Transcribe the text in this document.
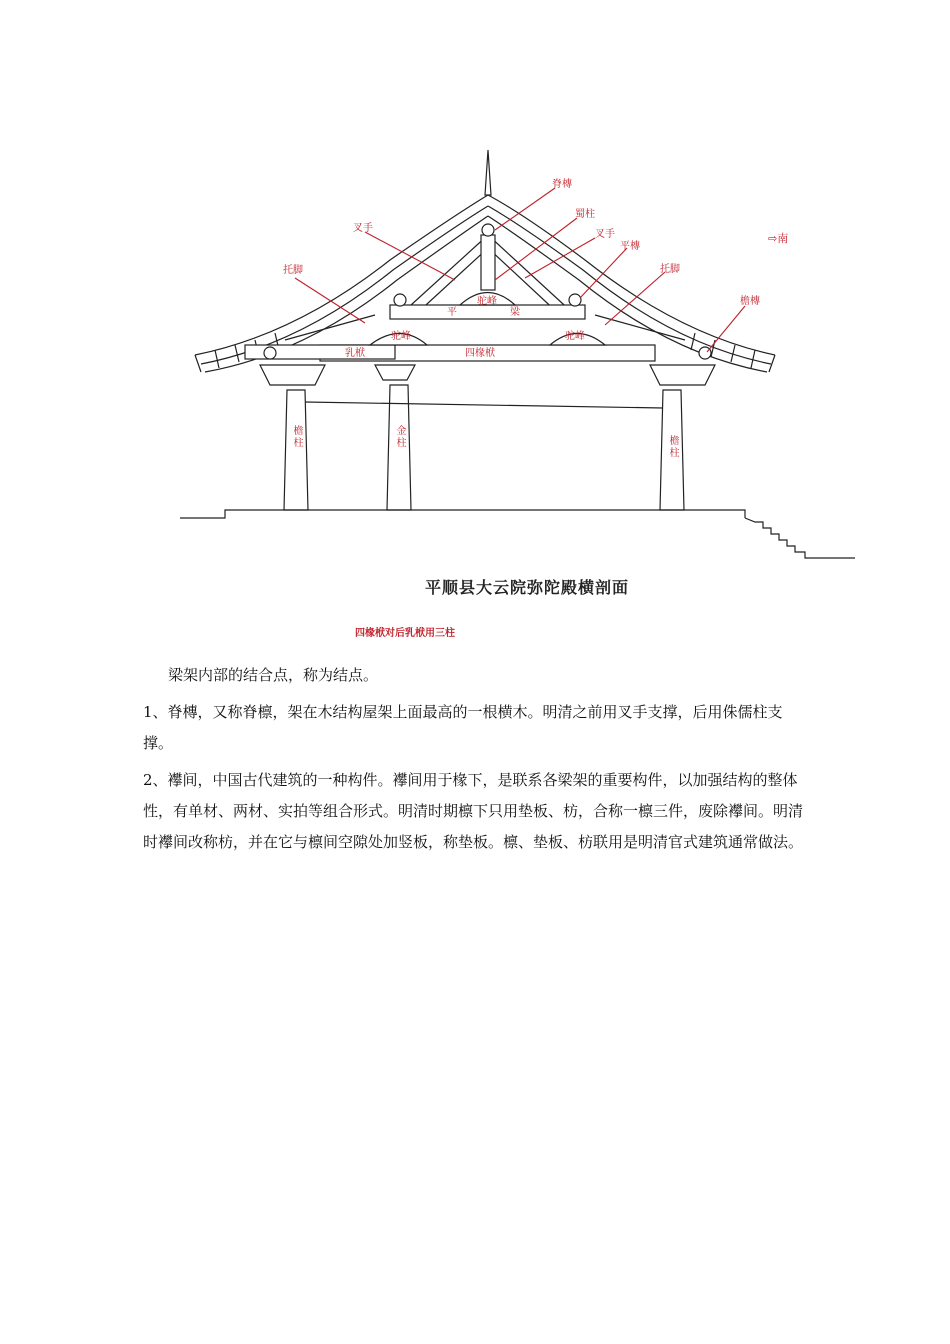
脊槫
蜀柱
叉手
叉手
平槫
托脚	托脚
檐槫
驼峰
驼峰	驼峰
平	梁
乳栿	四椽栿
檐柱	金柱	檐柱
⇨南
平顺县大云院弥陀殿横剖面
四椽栿对后乳栿用三柱

梁架内部的结合点，称为结点。

1、脊槫，又称脊檩，架在木结构屋架上面最高的一根横木。明清之前用叉手支撑，后用侏儒柱支撑。

2、襻间，中国古代建筑的一种构件。襻间用于椽下，是联系各梁架的重要构件，以加强结构的整体性，有单材、两材、实拍等组合形式。明清时期檩下只用垫板、枋，合称一檩三件，废除襻间。明清时襻间改称枋，并在它与檩间空隙处加竖板，称垫板。檩、垫板、枋联用是明清官式建筑通常做法。
